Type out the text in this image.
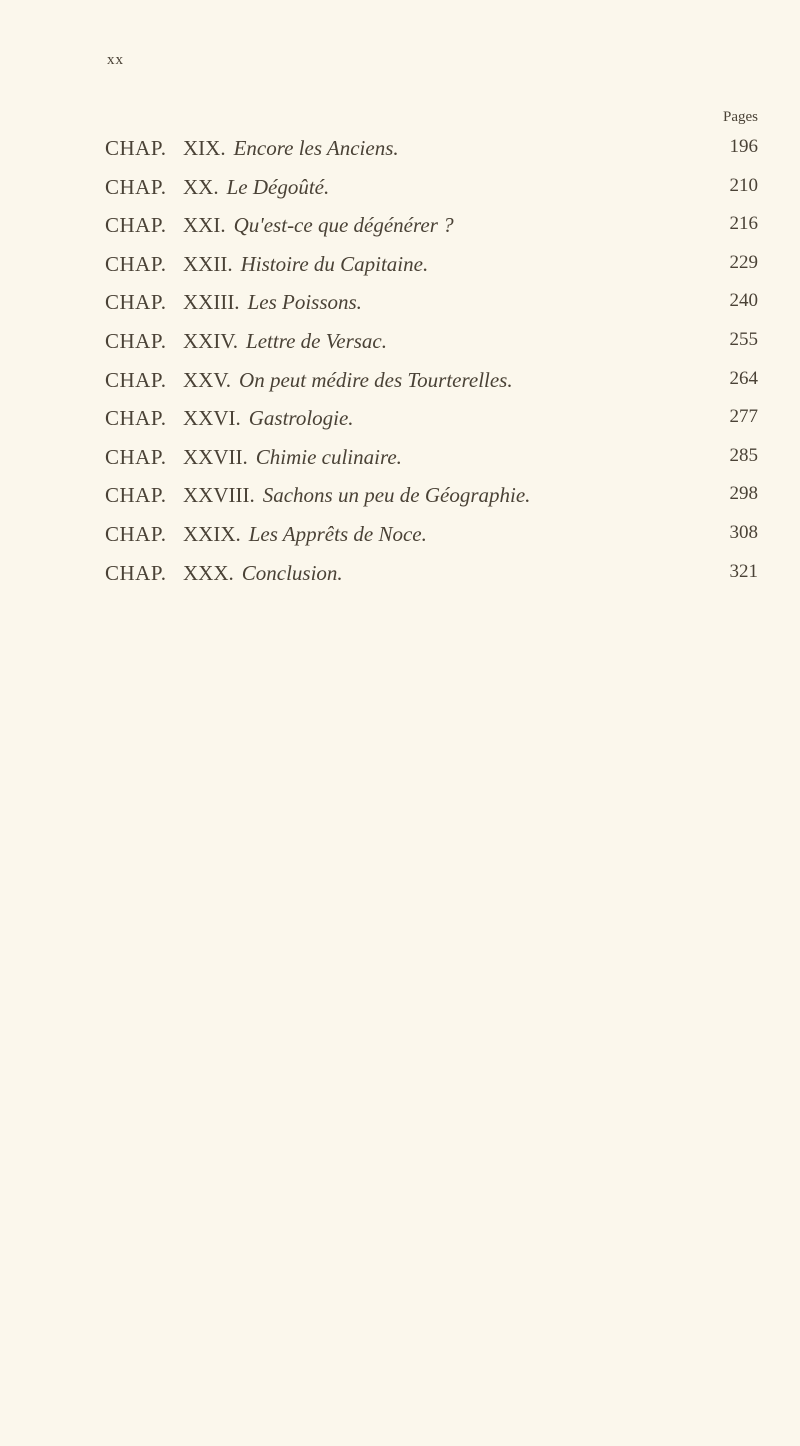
xx
Pages
CHAP. XIX. Encore les Anciens.	196
CHAP. XX. Le Dégoûté.	210
CHAP. XXI. Qu'est-ce que dégénérer ?	216
CHAP. XXII. Histoire du Capitaine.	229
CHAP. XXIII. Les Poissons.	240
CHAP. XXIV. Lettre de Versac.	255
CHAP. XXV. On peut médire des Tourterelles.	264
CHAP. XXVI. Gastrologie.	277
CHAP. XXVII. Chimie culinaire.	285
CHAP. XXVIII. Sachons un peu de Géographie.	298
CHAP. XXIX. Les Apprêts de Noce.	308
CHAP. XXX. Conclusion.	321
